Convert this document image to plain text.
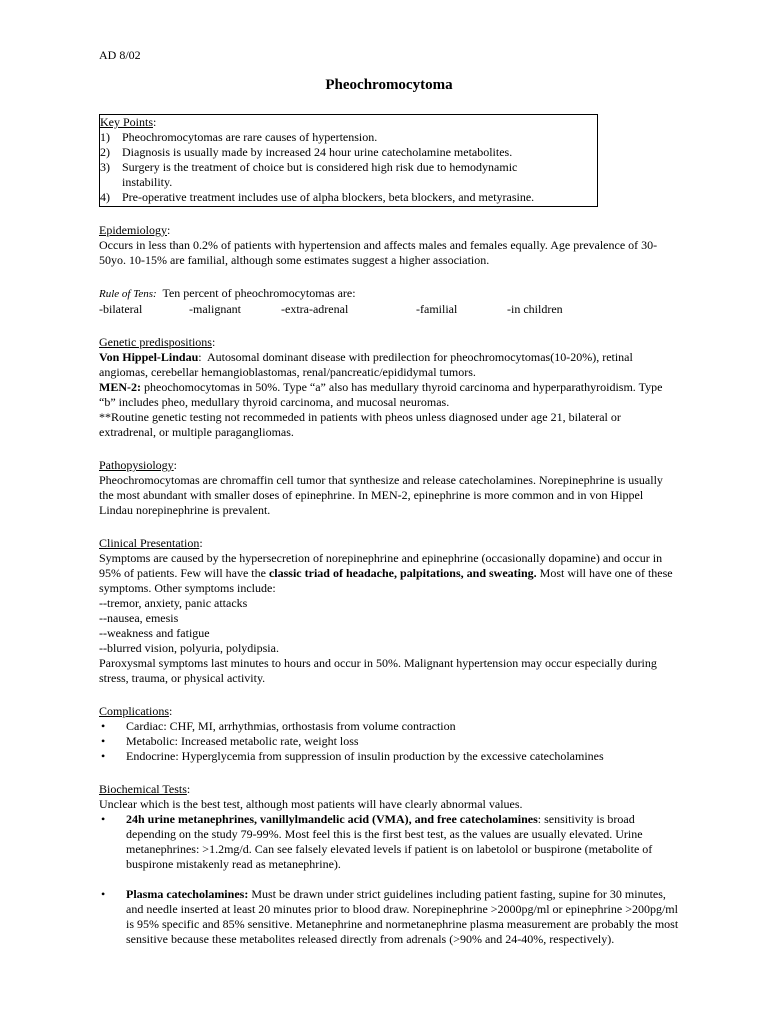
AD 8/02
Pheochromocytoma
Key Points:
1)	Pheochromocytomas are rare causes of hypertension.
2)	Diagnosis is usually made by increased 24 hour urine catecholamine metabolites.
3)	Surgery is the treatment of choice but is considered high risk due to hemodynamic instability.
4)	Pre-operative treatment includes use of alpha blockers, beta blockers, and metyrasine.
Epidemiology:
Occurs in less than 0.2% of patients with hypertension and affects males and females equally. Age prevalence of 30-50yo. 10-15% are familial, although some estimates suggest a higher association.
Rule of Tens: Ten percent of pheochromocytomas are:
-bilateral	-malignant	-extra-adrenal	-familial	-in children
Genetic predispositions:
Von Hippel-Lindau:  Autosomal dominant disease with predilection for pheochromocytomas(10-20%), retinal angiomas, cerebellar hemangioblastomas, renal/pancreatic/epididymal tumors.
MEN-2: pheochomocytomas in 50%. Type “a” also has medullary thyroid carcinoma and hyperparathyroidism. Type “b” includes pheo, medullary thyroid carcinoma, and mucosal neuromas.
**Routine genetic testing not recommeded in patients with pheos unless diagnosed under age 21, bilateral or extradrenal, or multiple paragangliomas.
Pathopysiology:
Pheochromocytomas are chromaffin cell tumor that synthesize and release catecholamines. Norepinephrine is usually the most abundant with smaller doses of epinephrine. In MEN-2, epinephrine is more common and in von Hippel Lindau norepinephrine is prevalent.
Clinical Presentation:
Symptoms are caused by the hypersecretion of norepinephrine and epinephrine (occasionally dopamine) and occur in 95% of patients. Few will have the classic triad of headache, palpitations, and sweating. Most will have one of these symptoms. Other symptoms include:
--tremor, anxiety, panic attacks
--nausea, emesis
--weakness and fatigue
--blurred vision, polyuria, polydipsia.
Paroxysmal symptoms last minutes to hours and occur in 50%. Malignant hypertension may occur especially during stress, trauma, or physical activity.
Complications:
•	Cardiac: CHF, MI, arrhythmias, orthostasis from volume contraction
•	Metabolic: Increased metabolic rate, weight loss
•	Endocrine: Hyperglycemia from suppression of insulin production by the excessive catecholamines
Biochemical Tests:
Unclear which is the best test, although most patients will have clearly abnormal values.
•	24h urine metanephrines, vanillylmandelic acid (VMA), and free catecholamines: sensitivity is broad depending on the study 79-99%. Most feel this is the first best test, as the values are usually elevated. Urine metanephrines: >1.2mg/d. Can see falsely elevated levels if patient is on labetolol or buspirone (metabolite of buspirone mistakenly read as metanephrine).
•	Plasma catecholamines: Must be drawn under strict guidelines including patient fasting, supine for 30 minutes, and needle inserted at least 20 minutes prior to blood draw. Norepinephrine >2000pg/ml or epinephrine >200pg/ml is 95% specific and 85% sensitive. Metanephrine and normetanephrine plasma measurement are probably the most sensitive because these metabolites released directly from adrenals (>90% and 24-40%, respectively).
